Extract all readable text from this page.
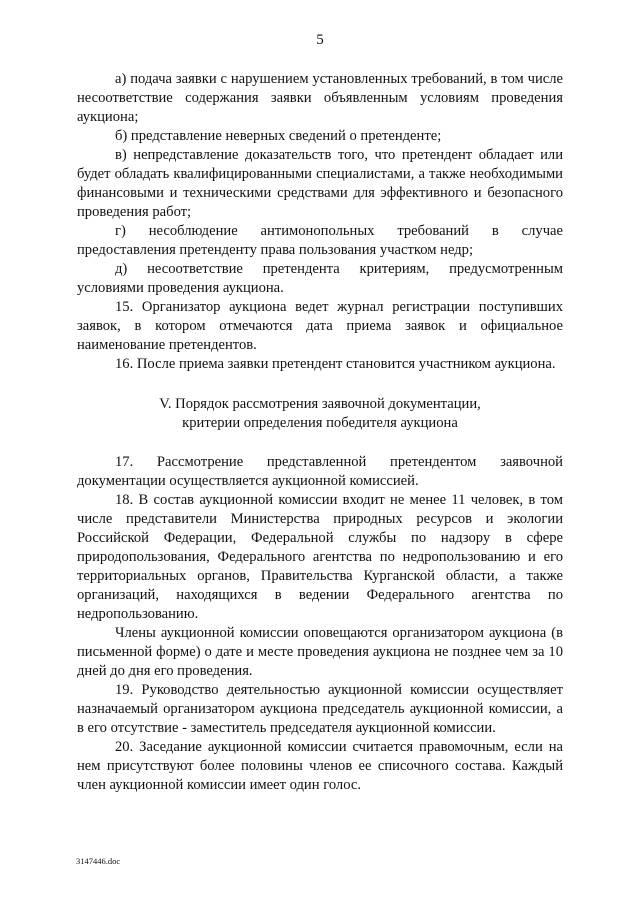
5

а) подача заявки с нарушением установленных требований, в том числе несоответствие содержания заявки объявленным условиям проведения аукциона;

б) представление неверных сведений о претенденте;

в) непредставление доказательств того, что претендент обладает или будет обладать квалифицированными специалистами, а также необходимыми финансовыми и техническими средствами для эффективного и безопасного проведения работ;

г) несоблюдение антимонопольных требований в случае предоставления претенденту права пользования участком недр;

д) несоответствие претендента критериям, предусмотренным условиями проведения аукциона.

15. Организатор аукциона ведет журнал регистрации поступивших заявок, в котором отмечаются дата приема заявок и официальное наименование претендентов.

16. После приема заявки претендент становится участником аукциона.

V. Порядок рассмотрения заявочной документации,
критерии определения победителя аукциона

17. Рассмотрение представленной претендентом заявочной документации осуществляется аукционной комиссией.

18. В состав аукционной комиссии входит не менее 11 человек, в том числе представители Министерства природных ресурсов и экологии Российской Федерации, Федеральной службы по надзору в сфере природопользования, Федерального агентства по недропользованию и его территориальных органов, Правительства Курганской области, а также организаций, находящихся в ведении Федерального агентства по недропользованию.

Члены аукционной комиссии оповещаются организатором аукциона (в письменной форме) о дате и месте проведения аукциона не позднее чем за 10 дней до дня его проведения.

19. Руководство деятельностью аукционной комиссии осуществляет назначаемый организатором аукциона председатель аукционной комиссии, а в его отсутствие - заместитель председателя аукционной комиссии.

20. Заседание аукционной комиссии считается правомочным, если на нем присутствуют более половины членов ее списочного состава. Каждый член аукционной комиссии имеет один голос.

3147446.doc
